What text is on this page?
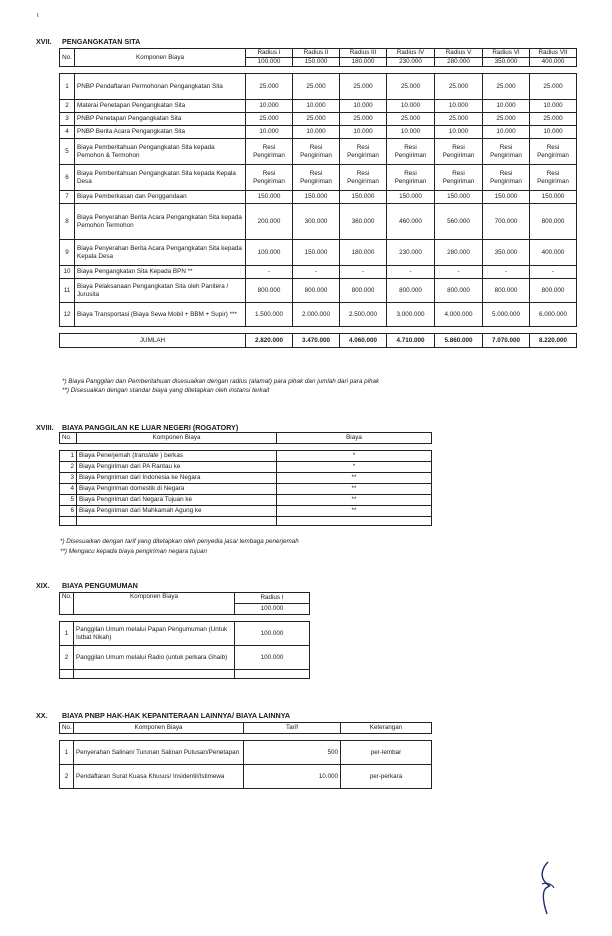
ι
XVII. PENGANGKATAN SITA
No.	Komponen Biaya	Radius I	Radius II	Radius III	Radius IV	Radius V	Radius VI	Radius VII
		100.000	150.000	180.000	230.000	280.000	350.000	400.000

1	PNBP Pendaftaran Permohonan Pengangkatan Sita	25.000	25.000	25.000	25.000	25.000	25.000	25.000
2	Materai Penetapan Pengangkatan Sita	10.000	10.000	10.000	10.000	10.000	10.000	10.000
3	PNBP Penetapan Pengangkatan Sita	25.000	25.000	25.000	25.000	25.000	25.000	25.000
4	PNBP Berita Acara Pengangkatan Sita	10.000	10.000	10.000	10.000	10.000	10.000	10.000
5	Biaya Pemberitahuan Pengangkatan Sita kepada Pemohon & Termohon	Resi Pengiriman	Resi Pengiriman	Resi Pengiriman	Resi Pengiriman	Resi Pengiriman	Resi Pengiriman	Resi Pengiriman
6	Biaya Pemberitahuan Pengangkatan Sita kepada Kepala Desa	Resi Pengiriman	Resi Pengiriman	Resi Pengiriman	Resi Pengiriman	Resi Pengiriman	Resi Pengiriman	Resi Pengiriman
7	Biaya Pemberkasan dan Penggandaan	150.000	150.000	150.000	150.000	150.000	150.000	150.000
8	Biaya Penyerahan Berita Acara Pengangkatan Sita kepada Pemohon Termohon	200.000	300.000	360.000	460.000	560.000	700.000	800.000
9	Biaya Penyerahan Berita Acara Pengangkatan Sita kepada Kepala Desa	100.000	150.000	180.000	230.000	280.000	350.000	400.000
10	Biaya Pengangkatan Sita Kepada BPN **	-	-	-	-	-	-	-
11	Biaya Pelaksanaan Pengangkatan Sita oleh Panitera / Jurusita	800.000	800.000	800.000	800.000	800.000	800.000	800.000
12	Biaya Transportasi (Biaya Sewa Mobil + BBM + Supir) ***	1.500.000	2.000.000	2.500.000	3.000.000	4.000.000	5.000.000	6.000.000

JUMLAH		2.820.000	3.470.000	4.060.000	4.710.000	5.860.000	7.070.000	8.220.000
*) Biaya Panggilan dan Pemberitahuan disesuaikan dengan radius (alamat) para pihak dan jumlah dari para pihak
**) Disesuaikan dengan standar biaya yang ditetapkan oleh instansi terkait
XVIII. BIAYA PANGGILAN KE LUAR NEGERI (ROGATORY)
No.	Komponen Biaya	Biaya

1	Biaya Penerjemah (translate ) berkas	*
2	Biaya Pengiriman dari PA Rantau ke	*
3	Biaya Pengiriman dari Indonesia ke Negara	**
4	Biaya Pengiriman domestik di Negara	**
5	Biaya Pengiriman dari Negara Tujuan ke	**
6	Biaya Pengiriman dari Mahkamah Agung ke	**

*) Disesuaikan dengan tarif yang ditetapkan oleh penyedia jasa/ lembaga penerjemah
**) Mengacu kepada biaya pengiriman negara tujuan
XIX. BIAYA PENGUMUMAN
No.	Komponen Biaya	Radius I
		100.000

1	Panggilan Umum melalui Papan Pengumuman (Untuk Istbat Nikah)	100.000
2	Panggilan Umum melalui Radio (untuk perkara Ghaib)	100.000

XX. BIAYA PNBP HAK-HAK KEPANITERAAN LAINNYA/ BIAYA LAINNYA
No.	Komponen Biaya	Tarif	Keterangan

1	Penyerahan Salinan/ Turunan Salinan Putusan/Penetapan	500	per-lembar
2	Pendaftaran Surat Kuasa Khusus/ Insidentil/Istimewa	10.000	per-perkara
